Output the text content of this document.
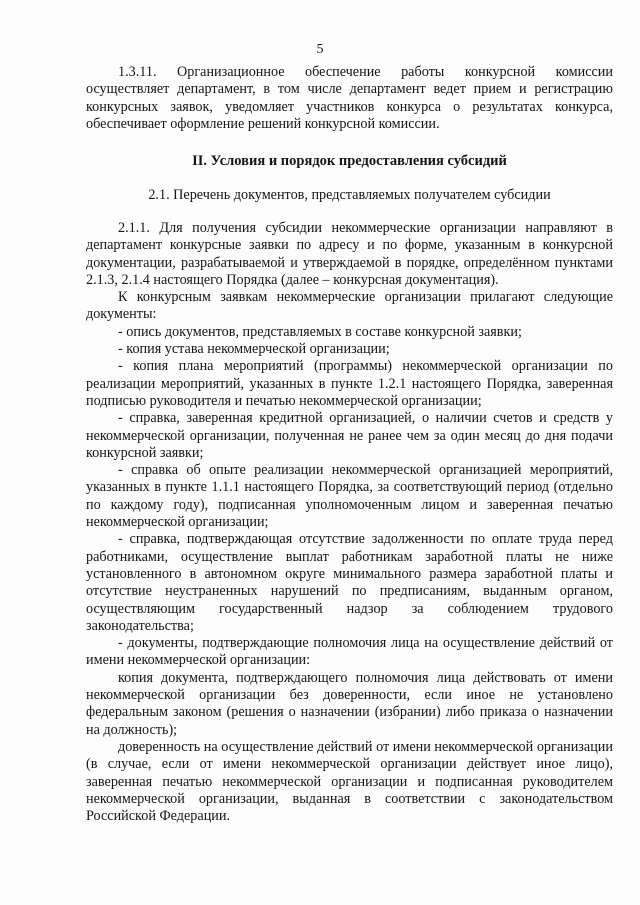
5

1.3.11. Организационное обеспечение работы конкурсной комиссии осуществляет департамент, в том числе департамент ведет прием и регистрацию конкурсных заявок, уведомляет участников конкурса о результатах конкурса, обеспечивает оформление решений конкурсной комиссии.

II. Условия и порядок предоставления субсидий
2.1. Перечень документов, представляемых получателем субсидии

2.1.1. Для получения субсидии некоммерческие организации направляют в департамент конкурсные заявки по адресу и по форме, указанным в конкурсной документации, разрабатываемой и утверждаемой в порядке, определённом пунктами 2.1.3, 2.1.4 настоящего Порядка (далее – конкурсная документация).

К конкурсным заявкам некоммерческие организации прилагают следующие документы:

- опись документов, представляемых в составе конкурсной заявки;

- копия устава некоммерческой организации;

- копия плана мероприятий (программы) некоммерческой организации по реализации мероприятий, указанных в пункте 1.2.1 настоящего Порядка, заверенная подписью руководителя и печатью некоммерческой организации;

- справка, заверенная кредитной организацией, о наличии счетов и средств у некоммерческой организации, полученная не ранее чем за один месяц до дня подачи конкурсной заявки;

- справка об опыте реализации некоммерческой организацией мероприятий, указанных в пункте 1.1.1 настоящего Порядка, за соответствующий период (отдельно по каждому году), подписанная уполномоченным лицом и заверенная печатью некоммерческой организации;

- справка, подтверждающая отсутствие задолженности по оплате труда перед работниками, осуществление выплат работникам заработной платы не ниже установленного в автономном округе минимального размера заработной платы и отсутствие неустраненных нарушений по предписаниям, выданным органом, осуществляющим государственный надзор за соблюдением трудового законодательства;

- документы, подтверждающие полномочия лица на осуществление действий от имени некоммерческой организации:

копия документа, подтверждающего полномочия лица действовать от имени некоммерческой организации без доверенности, если иное не установлено федеральным законом (решения о назначении (избрании) либо приказа о назначении на должность);

доверенность на осуществление действий от имени некоммерческой организации (в случае, если от имени некоммерческой организации действует иное лицо), заверенная печатью некоммерческой организации и подписанная руководителем некоммерческой организации, выданная в соответствии с законодательством Российской Федерации.
